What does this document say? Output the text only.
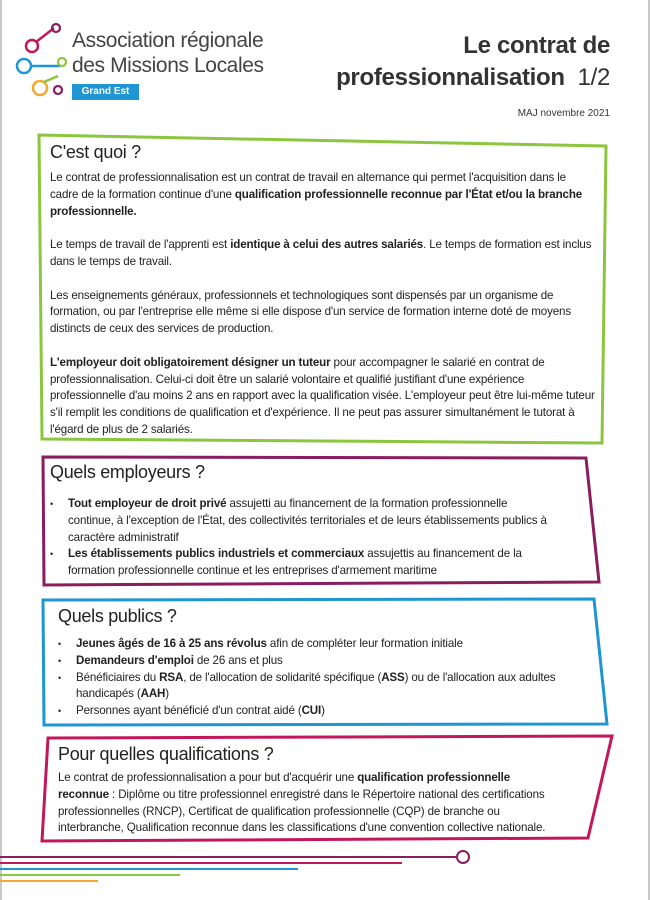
Association régionale
des Missions Locales
Grand Est
Le contrat de
professionnalisation 1/2
MAJ novembre 2021
C'est quoi ?

Le contrat de professionnalisation est un contrat de travail en alternance qui permet l'acquisition dans le cadre de la formation continue d'une qualification professionnelle reconnue par l'État et/ou la branche professionnelle.

Le temps de travail de l'apprenti est identique à celui des autres salariés. Le temps de formation est inclus dans le temps de travail.

Les enseignements généraux, professionnels et technologiques sont dispensés par un organisme de formation, ou par l'entreprise elle même si elle dispose d'un service de formation interne doté de moyens distincts de ceux des services de production.

L'employeur doit obligatoirement désigner un tuteur pour accompagner le salarié en contrat de professionnalisation. Celui-ci doit être un salarié volontaire et qualifié justifiant d'une expérience professionnelle d'au moins 2 ans en rapport avec la qualification visée. L'employeur peut être lui-même tuteur s'il remplit les conditions de qualification et d'expérience. Il ne peut pas assurer simultanément le tutorat à l'égard de plus de 2 salariés.

Quels employeurs ?
• Tout employeur de droit privé assujetti au financement de la formation professionnelle continue, à l'exception de l'État, des collectivités territoriales et de leurs établissements publics à caractère administratif
• Les établissements publics industriels et commerciaux assujettis au financement de la formation professionnelle continue et les entreprises d'armement maritime
Quels publics ?
• Jeunes âgés de 16 à 25 ans révolus afin de compléter leur formation initiale
• Demandeurs d'emploi de 26 ans et plus
• Bénéficiaires du RSA, de l'allocation de solidarité spécifique (ASS) ou de l'allocation aux adultes handicapés (AAH)
• Personnes ayant bénéficié d'un contrat aidé (CUI)
Pour quelles qualifications ?

Le contrat de professionnalisation a pour but d'acquérir une qualification professionnelle reconnue : Diplôme ou titre professionnel enregistré dans le Répertoire national des certifications professionnelles (RNCP), Certificat de qualification professionnelle (CQP) de branche ou interbranche, Qualification reconnue dans les classifications d'une convention collective nationale.
